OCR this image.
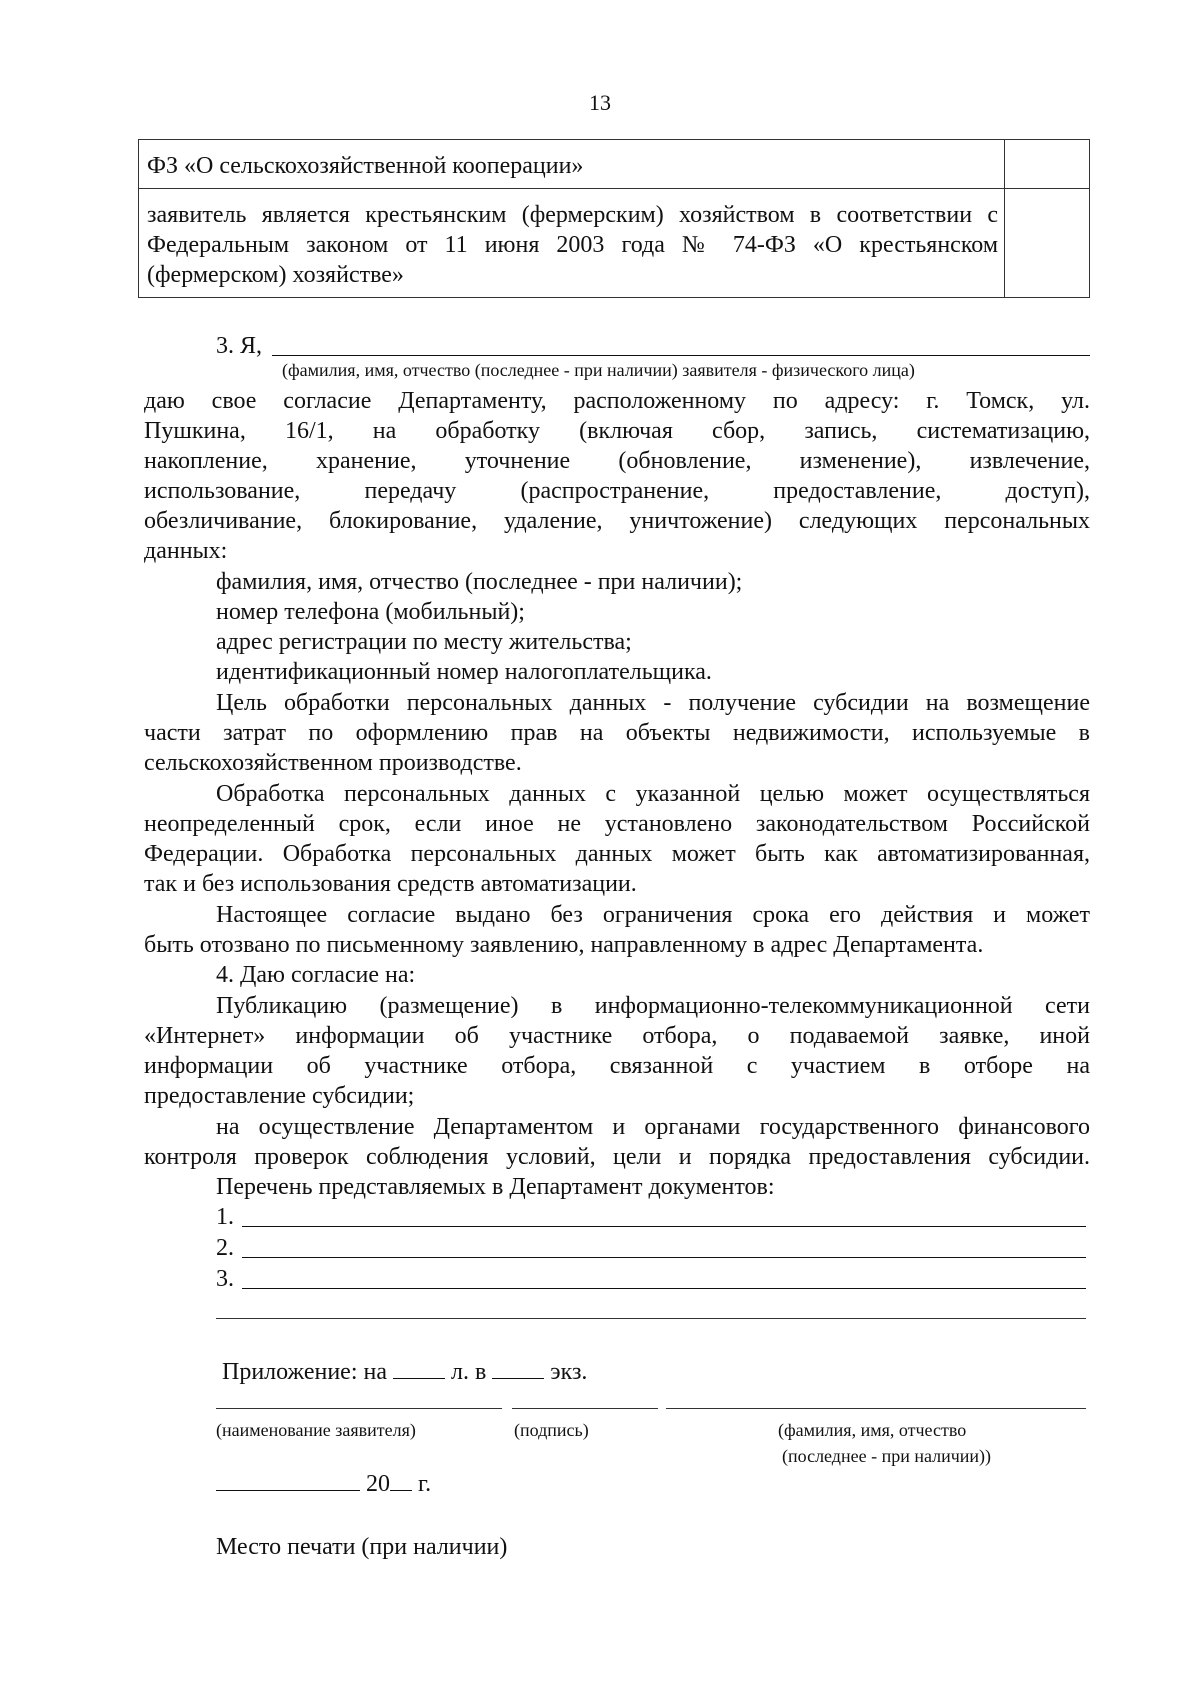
13
ФЗ «О сельскохозяйственной кооперации»	

заявитель является крестьянским (фермерским) хозяйством в соответствии с
Федеральным законом от 11 июня 2003 года № 74-ФЗ «О крестьянском
(фермерском) хозяйстве»	

3. Я,
(фамилия, имя, отчество (последнее - при наличии) заявителя - физического лица)
даю свое согласие Департаменту, расположенному по адресу: г. Томск, ул.
Пушкина, 16/1, на обработку (включая сбор, запись, систематизацию,
накопление, хранение, уточнение (обновление, изменение), извлечение,
использование, передачу (распространение, предоставление, доступ),
обезличивание, блокирование, удаление, уничтожение) следующих персональных
данных:
фамилия, имя, отчество (последнее - при наличии);
номер телефона (мобильный);
адрес регистрации по месту жительства;
идентификационный номер налогоплательщика.
Цель обработки персональных данных - получение субсидии на возмещение
части затрат по оформлению прав на объекты недвижимости, используемые в
сельскохозяйственном производстве.
Обработка персональных данных с указанной целью может осуществляться
неопределенный срок, если иное не установлено законодательством Российской
Федерации. Обработка персональных данных может быть как автоматизированная,
так и без использования средств автоматизации.
Настоящее согласие выдано без ограничения срока его действия и может
быть отозвано по письменному заявлению, направленному в адрес Департамента.
4. Даю согласие на:
Публикацию (размещение) в информационно-телекоммуникационной сети
«Интернет» информации об участнике отбора, о подаваемой заявке, иной
информации об участнике отбора, связанной с участием в отборе на
предоставление субсидии;
на осуществление Департаментом и органами государственного финансового
контроля проверок соблюдения условий, цели и порядка предоставления субсидии.
Перечень представляемых в Департамент документов:
1.
2.
3.
Приложение: на	л. в	экз.
(наименование заявителя)	(подпись)	(фамилия, имя, отчество
(последнее - при наличии))
20 г.
Место печати (при наличии)
